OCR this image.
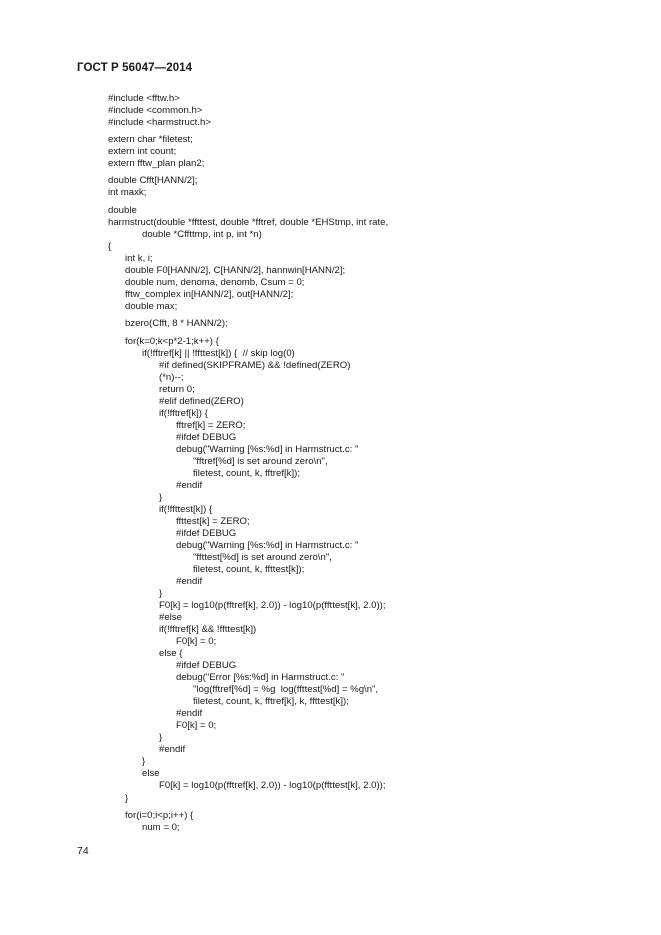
ГОСТ Р 56047—2014
#include <fftw.h>
#include <common.h>
#include <harmstruct.h>
extern char *filetest;
extern int count;
extern fftw_plan plan2;
double Cfft[HANN/2];
int maxk;
double
harmstruct(double *ffttest, double *fftref, double *EHStmp, int rate,
double *Cffttmp, int p, int *n)
{
int k, i;
double F0[HANN/2], C[HANN/2], hannwin[HANN/2];
double num, denoma, denomb, Csum = 0;
fftw_complex in[HANN/2], out[HANN/2];
double max;
bzero(Cfft, 8 * HANN/2);
for(k=0;k<p*2-1;k++) {
if(!fftref[k] || !ffttest[k]) {  // skip log(0)
#if defined(SKIPFRAME) && !defined(ZERO)
(*n)--;
return 0;
#elif defined(ZERO)
if(!fftref[k]) {
fftref[k] = ZERO;
#ifdef DEBUG
debug("Warning [%s:%d] in Harmstruct.c: "
"fftref[%d] is set around zero\n",
filetest, count, k, fftref[k]);
#endif
}
if(!ffttest[k]) {
ffttest[k] = ZERO;
#ifdef DEBUG
debug("Warning [%s:%d] in Harmstruct.c: "
"ffttest[%d] is set around zero\n",
filetest, count, k, ffttest[k]);
#endif
}
F0[k] = log10(p(fftref[k], 2.0)) - log10(p(ffttest[k], 2.0));
#else
if(!fftref[k] && !ffttest[k])
F0[k] = 0;
else {
#ifdef DEBUG
debug("Error [%s:%d] in Harmstruct.c: "
"log(fftref[%d] = %g  log(ffttest[%d] = %g\n",
filetest, count, k, fftref[k], k, ffttest[k]);
#endif
F0[k] = 0;
}
#endif
}
else
F0[k] = log10(p(fftref[k], 2.0)) - log10(p(ffttest[k], 2.0));
}
for(i=0;i<p;i++) {
num = 0;
74
